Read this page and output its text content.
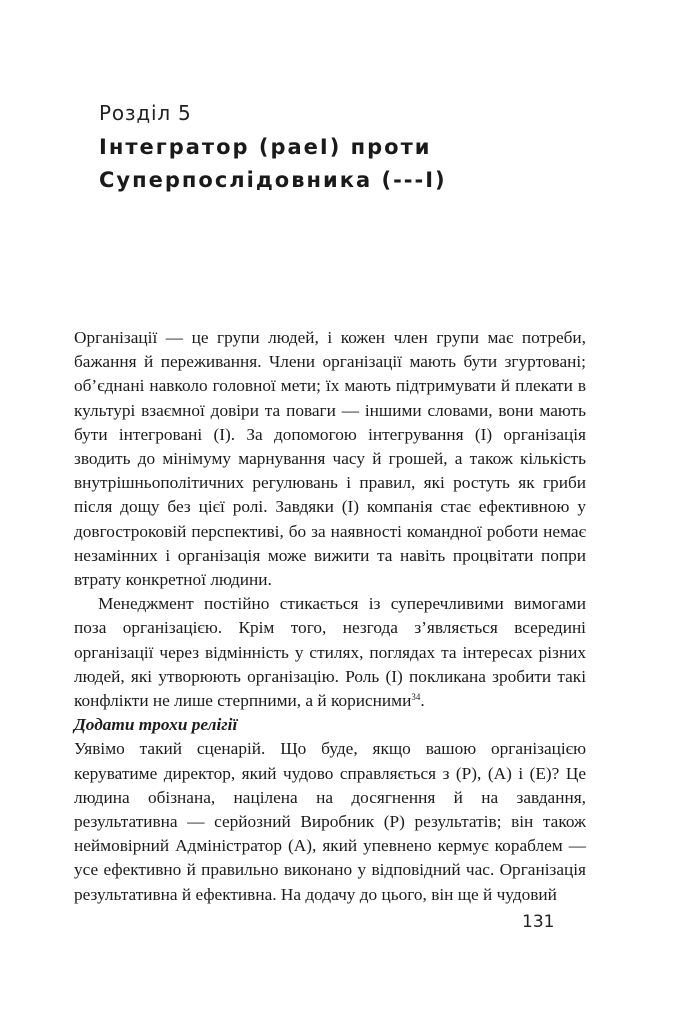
Розділ 5
Інтегратор (paeI) проти
Суперпослідовника (---I)

Організації — це групи людей, і кожен член групи має потреби, бажання й переживання. Члени організації мають бути згуртовані; об’єднані навколо головної мети; їх мають підтримувати й плекати в культурі взаємної довіри та поваги — іншими словами, вони мають бути інтегровані (I). За допомогою інтегрування (I) організація зводить до мінімуму марнування часу й грошей, а також кількість внутрішньополітичних регулювань і правил, які ростуть як гриби після дощу без цієї ролі. Завдяки (I) компанія стає ефективною у довгостроковій перспективі, бо за наявності командної роботи немає незамінних і організація може вижити та навіть процвітати попри втрату конкретної людини.

Менеджмент постійно стикається із суперечливими вимогами поза організацією. Крім того, незгода з’являється всередині організації через відмінність у стилях, поглядах та інтересах різних людей, які утворюють організацію. Роль (I) покликана зробити такі конфлікти не лише стерпними, а й корисними$^{34}$.

Додати трохи релігії

Уявімо такий сценарій. Що буде, якщо вашою організацією керуватиме директор, який чудово справляється з (P), (A) і (E)? Це людина обізнана, націлена на досягнення й на завдання, результативна — серйозний Виробник (P) результатів; він також неймовірний Адміністратор (A), який упевнено кермує кораблем — усе ефективно й правильно виконано у відповідний час. Організація результативна й ефективна. На додачу до цього, він ще й чудовий

131
